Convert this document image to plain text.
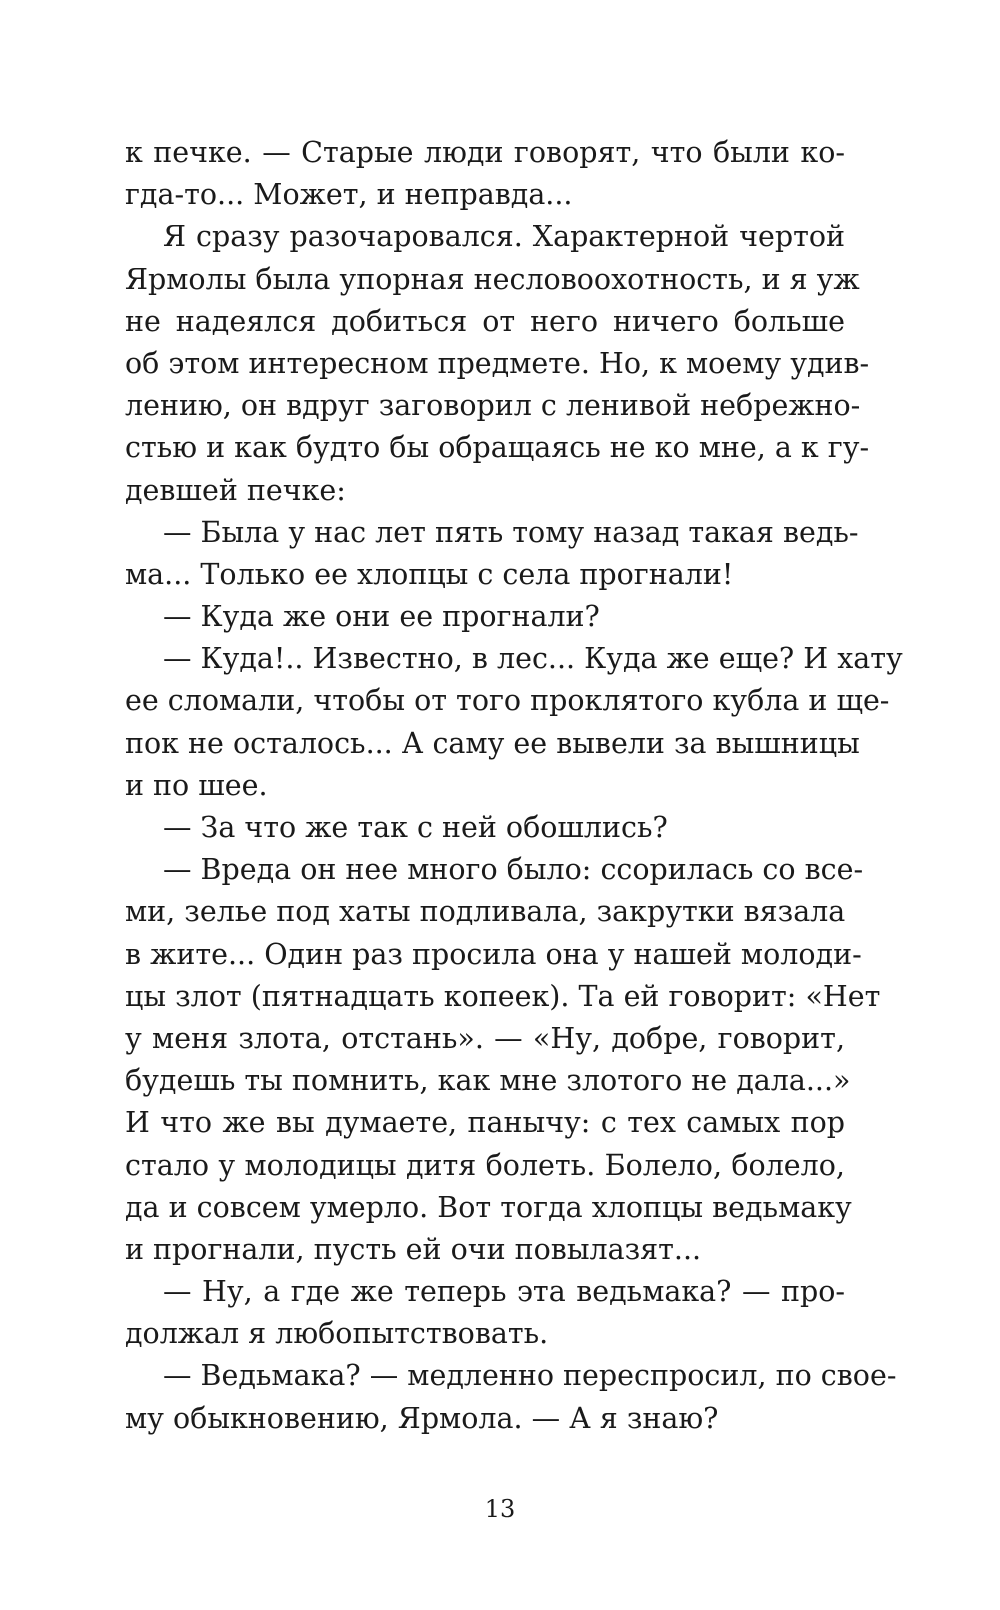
к печке. — Старые люди говорят, что были ко-
гда-то... Может, и неправда...
Я сразу разочаровался. Характерной чертой
Ярмолы была упорная несловоохотность, и я уж
не надеялся добиться от него ничего больше
об этом интересном предмете. Но, к моему удив-
лению, он вдруг заговорил с ленивой небрежно-
стью и как будто бы обращаясь не ко мне, а к гу-
девшей печке:
— Была у нас лет пять тому назад такая ведь-
ма... Только ее хлопцы с села прогнали!
— Куда же они ее прогнали?
— Куда!.. Известно, в лес... Куда же еще? И хату
ее сломали, чтобы от того проклятого кубла и ще-
пок не осталось... А саму ее вывели за вышницы
и по шее.
— За что же так с ней обошлись?
— Вреда он нее много было: ссорилась со все-
ми, зелье под хаты подливала, закрутки вязала
в жите... Один раз просила она у нашей молоди-
цы злот (пятнадцать копеек). Та ей говорит: «Нет
у меня злота, отстань». — «Ну, добре, говорит,
будешь ты помнить, как мне злотого не дала...»
И что же вы думаете, панычу: с тех самых пор
стало у молодицы дитя болеть. Болело, болело,
да и совсем умерло. Вот тогда хлопцы ведьмаку
и прогнали, пусть ей очи повылазят...
— Ну, а где же теперь эта ведьмака? — про-
должал я любопытствовать.
— Ведьмака? — медленно переспросил, по свое-
му обыкновению, Ярмола. — А я знаю?
13
